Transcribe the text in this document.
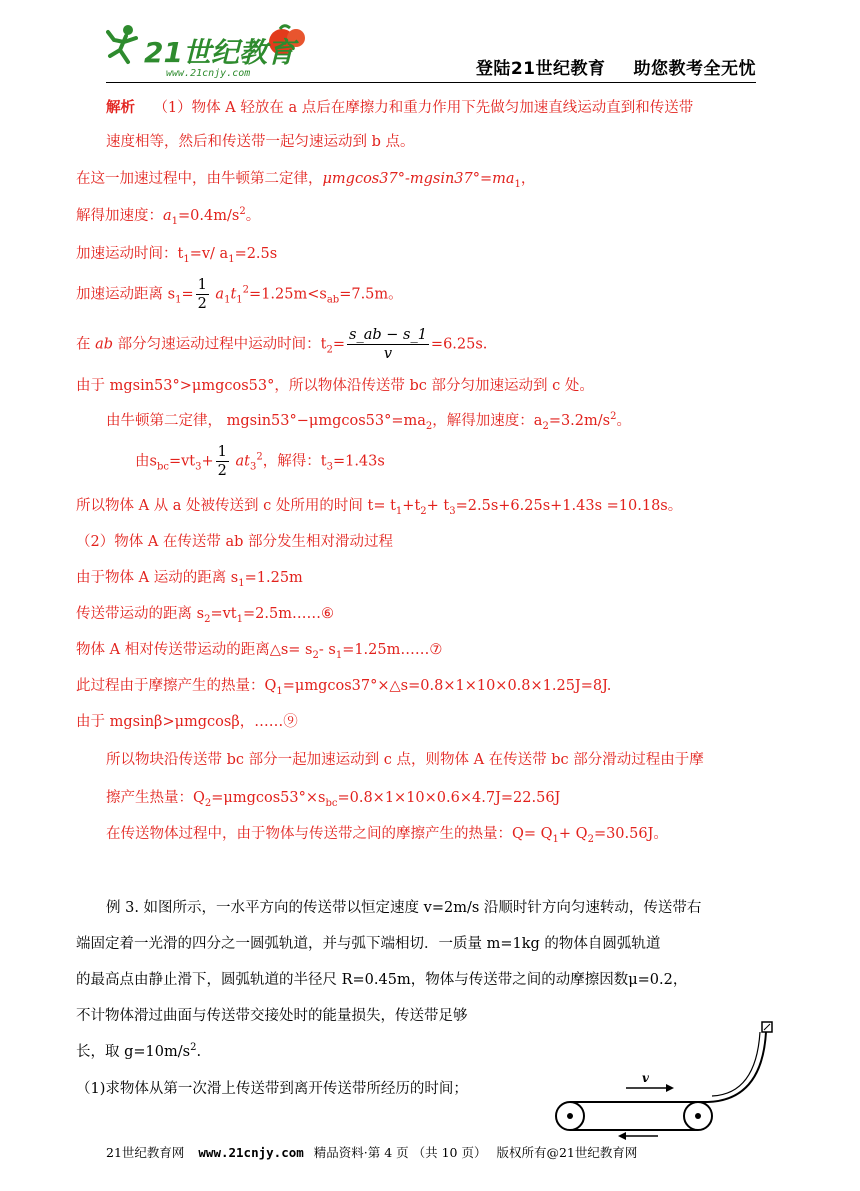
21世纪教育
www.21cnjy.com	登陆21世纪教育 助您教考全无忧
解析 （1）物体 A 轻放在 a 点后在摩擦力和重力作用下先做匀加速直线运动直到和传送带
速度相等，然后和传送带一起匀速运动到 b 点。
在这一加速过程中，由牛顿第二定律，$\mu mgcos37^\circ-mgsin37^\circ=ma_1$，
解得加速度：$a_1=0.4m/s^2$。
加速运动时间：$t_1=v/$ $a_1=2.5s$
加速运动距离 $s_1= \frac{1}{2} a_1t_1^2=1.25m<s_{ab}=7.5m$。
在 ab 部分匀速运动过程中运动时间：$t_2= \frac{s\_ab - s\_1}{v} =6.25s$.
由于 mgsin53°>μmgcos53°，所以物体沿传送带 bc 部分匀加速运动到 c 处。
由牛顿第二定律， $mgsin53^\circ-\mu mgcos53^\circ=ma_2$，解得加速度：$a_2=3.2m/s^2$。
由$s_{bc}=vt_3+ \frac{1}{2} at_3^2$，解得：$t_3=1.43s$
所以物体 A 从 a 处被传送到 c 处所用的时间 $t= t_1+t_2+ t_3=2.5s+6.25s+1.43s =10.18s$。
（2）物体 A 在传送带 ab 部分发生相对滑动过程
由于物体 A 运动的距离 $s_1=1.25m$
传送带运动的距离 $s_2=vt_1=2.5m\dots\dots ⑥$
物体 A 相对传送带运动的距离△s= $s_2-$ $s_1=1.25m\dots\dots ⑦$
此过程由于摩擦产生的热量：$Q_1=\mu mgcos37^\circ\times\triangle s=0.8\times 1\times 10\times 0.8\times 1.25J=8J$.
由于 mgsinβ>μmgcosβ，……⑨
所以物块沿传送带 bc 部分一起加速运动到 c 点，则物体 A 在传送带 bc 部分滑动过程由于摩
擦产生热量：$Q_2=\mu mgcos53^\circ\times s_{bc}=0.8\times 1\times 10\times 0.6\times 4.7J=22.56J$
在传送物体过程中，由于物体与传送带之间的摩擦产生的热量：$Q= Q_1+ Q_2=30.56J$。
例 3. 如图所示，一水平方向的传送带以恒定速度 v=2m/s 沿顺时针方向匀速转动，传送带右
端固定着一光滑的四分之一圆弧轨道，并与弧下端相切．一质量 m=1kg 的物体自圆弧轨道
的最高点由静止滑下，圆弧轨道的半径尺 R=0.45m，物体与传送带之间的动摩擦因数μ=0.2，
不计物体滑过曲面与传送带交接处时的能量损失，传送带足够
长，取 $g=10m/s^2$.
（1)求物体从第一次滑上传送带到离开传送带所经历的时间；
v
21世纪教育网 www.21cnjy.com 精品资料·第 4 页 （共 10 页） 版权所有@21世纪教育网
